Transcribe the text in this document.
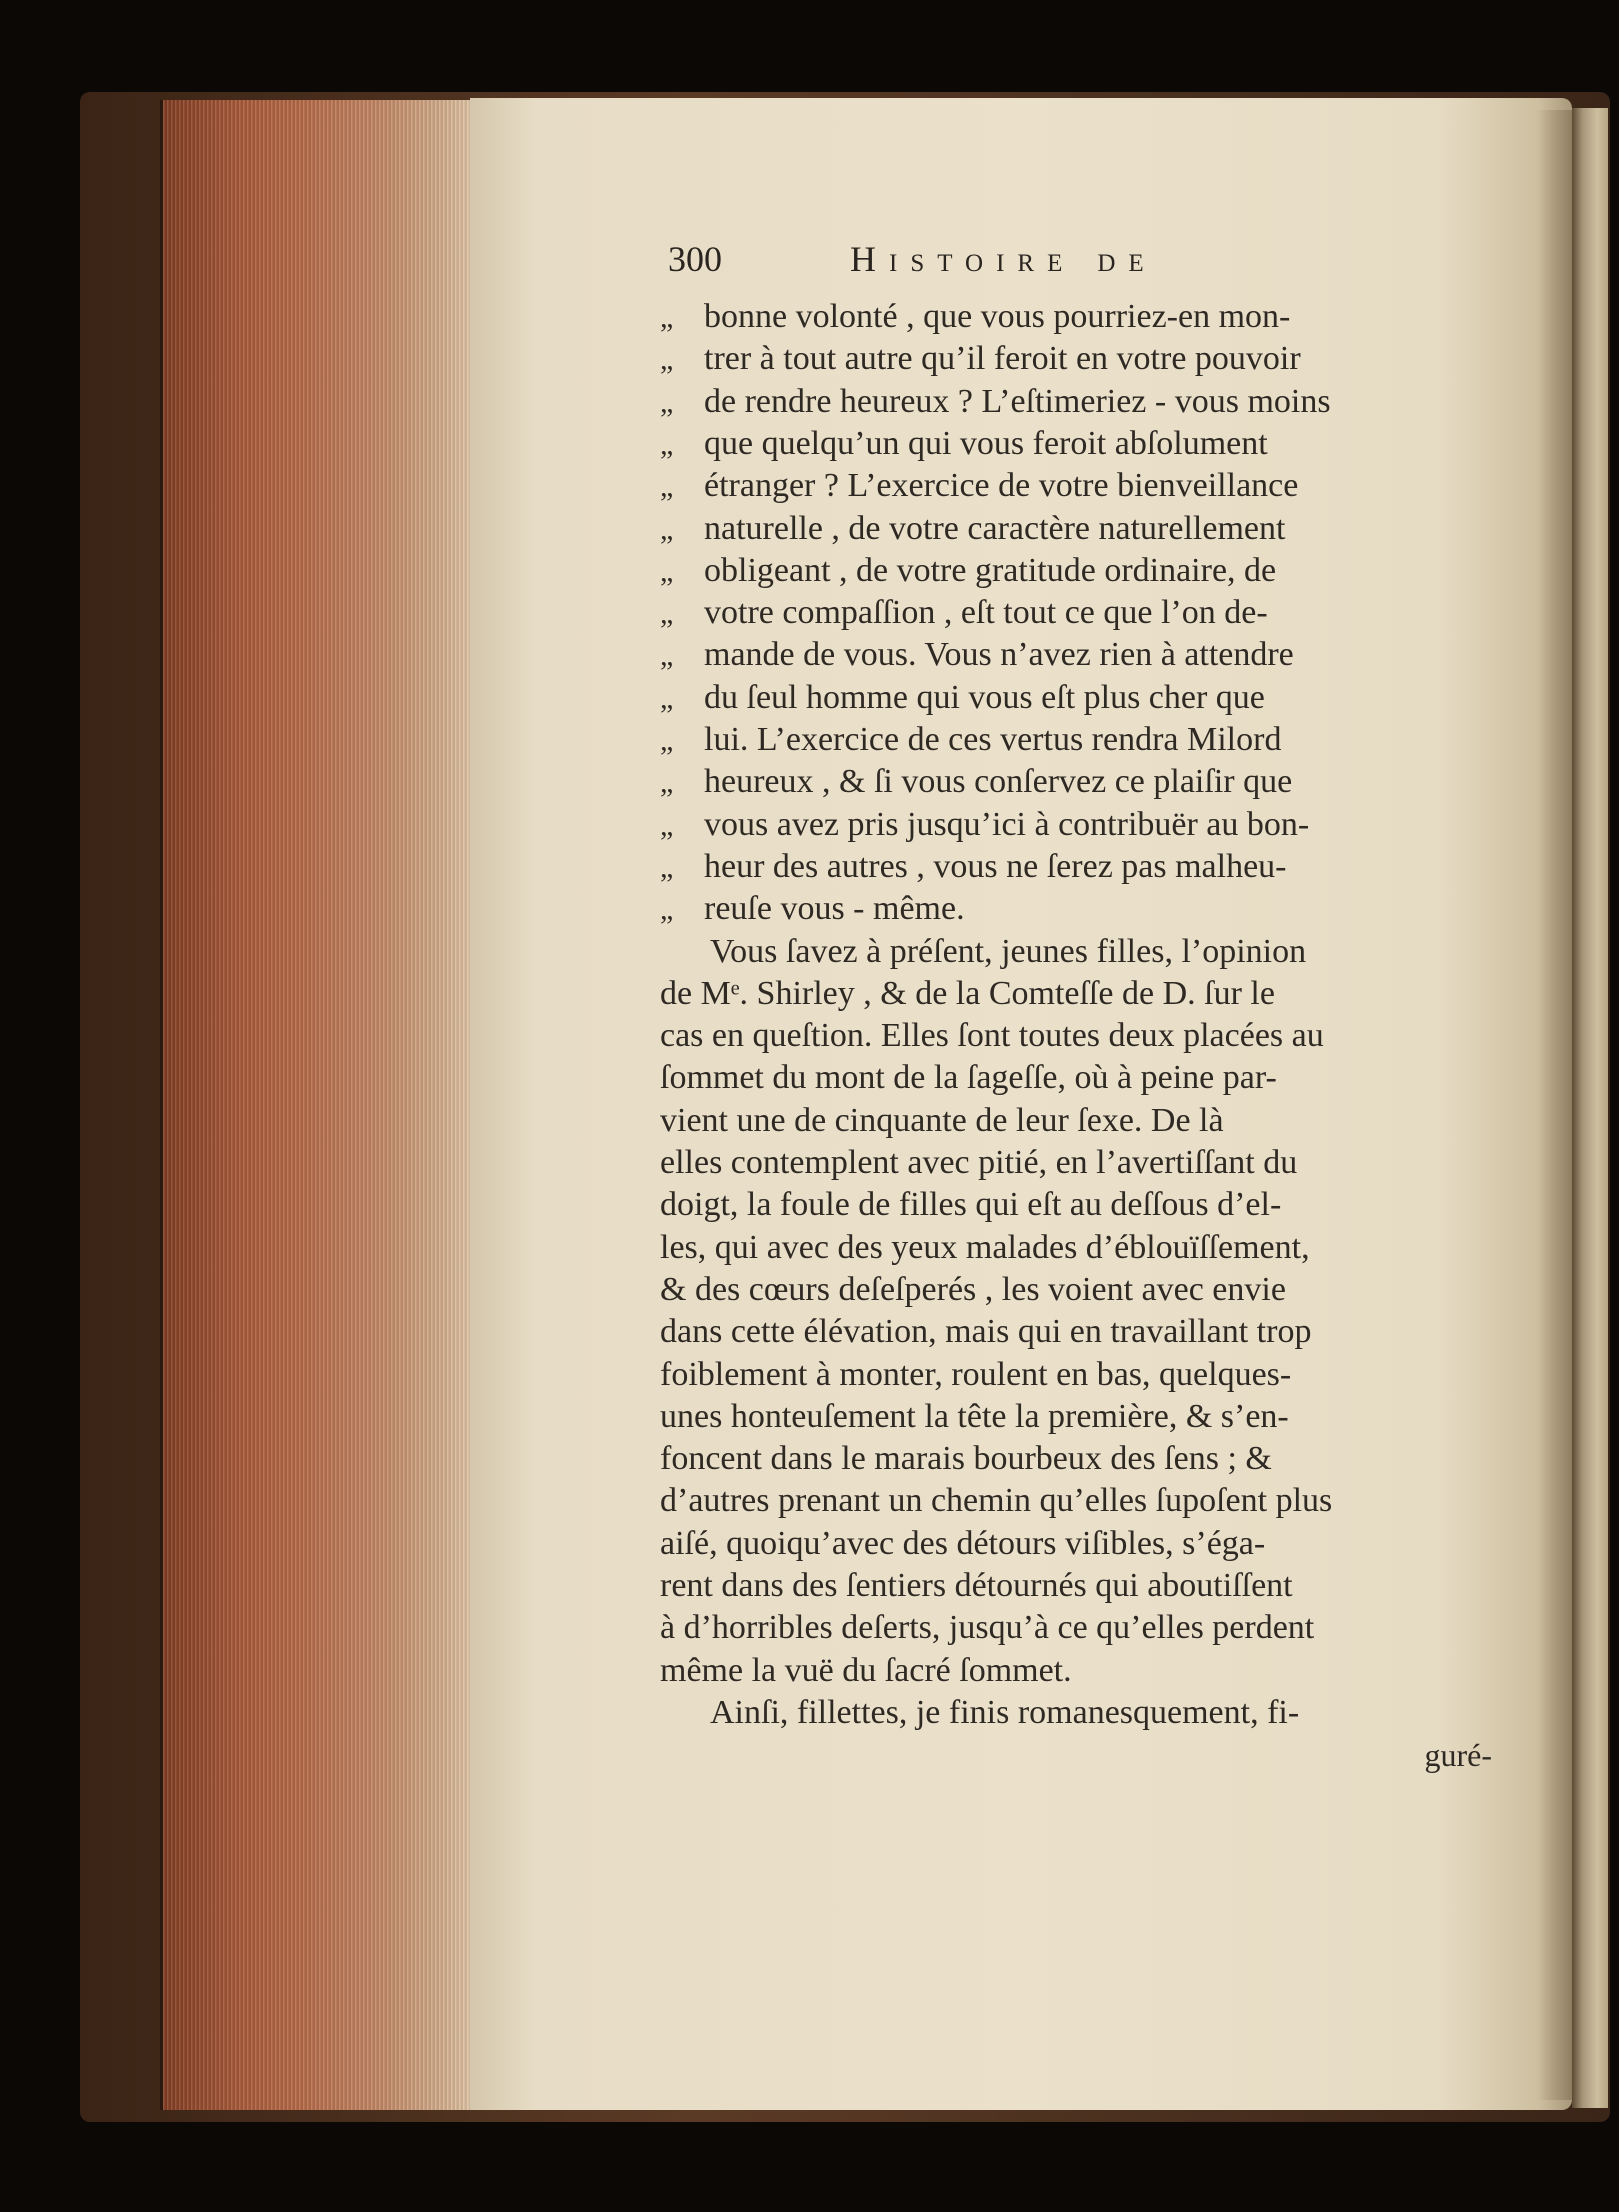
300	Histoire de
„ bonne volonté , que vous pourriez-en mon-
„ trer à tout autre qu’il feroit en votre pouvoir
„ de rendre heureux ? L’eſtimeriez - vous moins
„ que quelqu’un qui vous feroit abſolument
„ étranger ? L’exercice de votre bienveillance
„ naturelle , de votre caractère naturellement
„ obligeant , de votre gratitude ordinaire, de
„ votre compaſſion , eſt tout ce que l’on de-
„ mande de vous. Vous n’avez rien à attendre
„ du ſeul homme qui vous eſt plus cher que
„ lui. L’exercice de ces vertus rendra Milord
„ heureux , & ſi vous conſervez ce plaiſir que
„ vous avez pris jusqu’ici à contribuër au bon-
„ heur des autres , vous ne ſerez pas malheu-
„ reuſe vous - même.
Vous ſavez à préſent, jeunes filles, l’opinion
de Mᵉ. Shirley , & de la Comteſſe de D. ſur le
cas en queſtion. Elles ſont toutes deux placées au
ſommet du mont de la ſageſſe, où à peine par-
vient une de cinquante de leur ſexe. De là
elles contemplent avec pitié, en l’avertiſſant du
doigt, la foule de filles qui eſt au deſſous d’el-
les, qui avec des yeux malades d’éblouïſſement,
& des cœurs deſeſperés , les voient avec envie
dans cette élévation, mais qui en travaillant trop
foiblement à monter, roulent en bas, quelques-
unes honteuſement la tête la première, & s’en-
foncent dans le marais bourbeux des ſens ; &
d’autres prenant un chemin qu’elles ſupoſent plus
aiſé, quoiqu’avec des détours viſibles, s’éga-
rent dans des ſentiers détournés qui aboutiſſent
à d’horribles deſerts, jusqu’à ce qu’elles perdent
même la vuë du ſacré ſommet.
Ainſi, fillettes, je finis romanesquement, fi-
guré-
